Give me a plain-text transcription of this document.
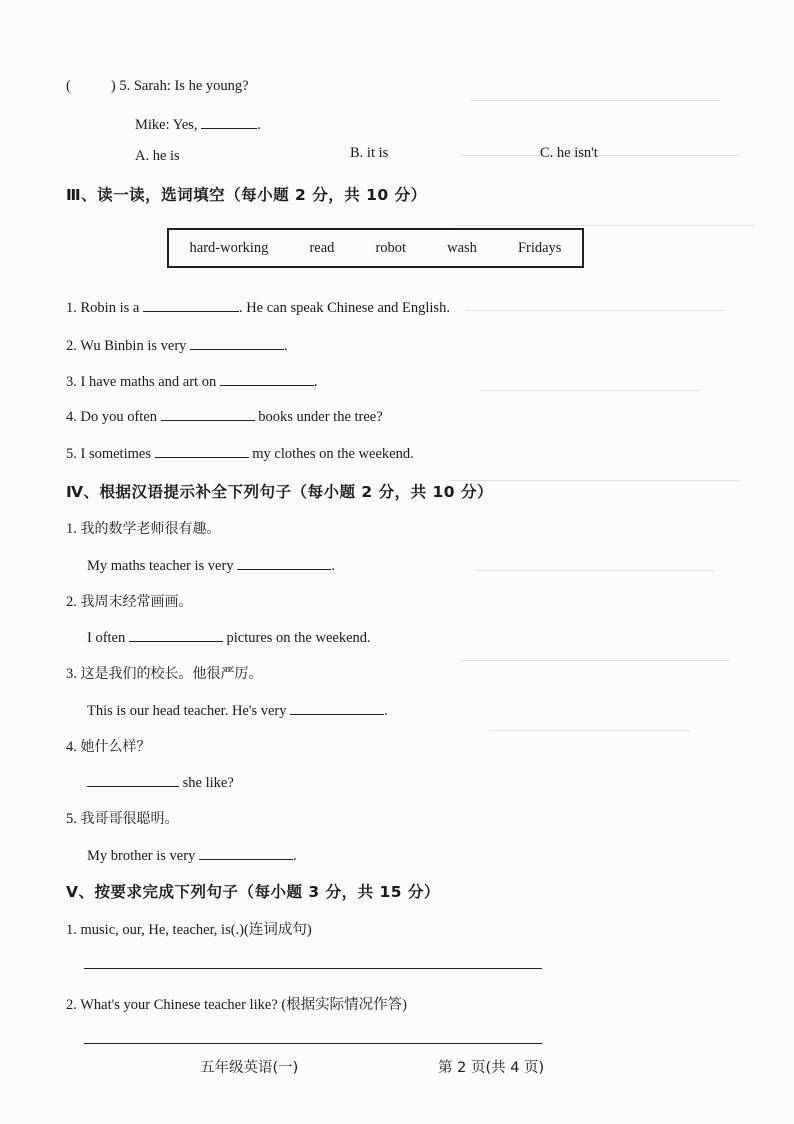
(	) 5. Sarah: Is he young?
Mike: Yes,	.
A. he is	B. it is	C. he isn't
Ⅲ、读一读，选词填空（每小题 2 分，共 10 分）
hard-working	read	robot	wash	Fridays
1. Robin is a	. He can speak Chinese and English.
2. Wu Binbin is very	.
3. I have maths and art on	.
4. Do you often	books under the tree?
5. I sometimes	my clothes on the weekend.
Ⅳ、根据汉语提示补全下列句子（每小题 2 分，共 10 分）
1. 我的数学老师很有趣。
My maths teacher is very	.
2. 我周末经常画画。
I often	pictures on the weekend.
3. 这是我们的校长。他很严厉。
This is our head teacher. He's very	.
4. 她什么样？
she like?
5. 我哥哥很聪明。
My brother is very	.
Ⅴ、按要求完成下列句子（每小题 3 分，共 15 分）
1. music, our, He, teacher, is(.)(连词成句)
2. What's your Chinese teacher like? (根据实际情况作答)
五年级英语(一)	第 2 页(共 4 页)
